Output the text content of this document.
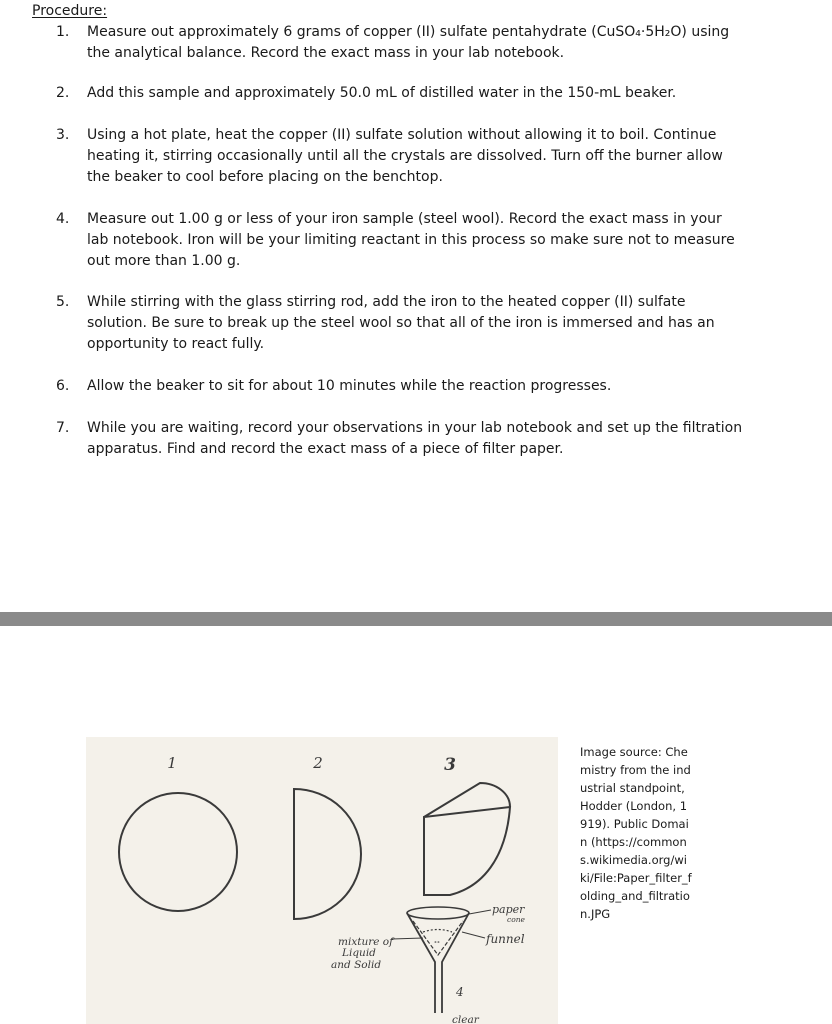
Procedure:
1. Measure out approximately 6 grams of copper (II) sulfate pentahydrate (CuSO₄·5H₂O) using the analytical balance. Record the exact mass in your lab notebook.
2. Add this sample and approximately 50.0 mL of distilled water in the 150-mL beaker.
3. Using a hot plate, heat the copper (II) sulfate solution without allowing it to boil. Continue heating it, stirring occasionally until all the crystals are dissolved. Turn off the burner allow the beaker to cool before placing on the benchtop.
4. Measure out 1.00 g or less of your iron sample (steel wool). Record the exact mass in your lab notebook. Iron will be your limiting reactant in this process so make sure not to measure out more than 1.00 g.
5. While stirring with the glass stirring rod, add the iron to the heated copper (II) sulfate solution. Be sure to break up the steel wool so that all of the iron is immersed and has an opportunity to react fully.
6. Allow the beaker to sit for about 10 minutes while the reaction progresses.
7. While you are waiting, record your observations in your lab notebook and set up the filtration apparatus. Find and record the exact mass of a piece of filter paper.
1	2	3
∘∘
paper
cone
funnel
mixture of
Liquid
and Solid
4
clear
Image source: Chemistry from the industrial standpoint, Hodder (London, 1919). Public Domain (https://commons.wikimedia.org/wiki/File:Paper_filter_folding_and_filtration.JPG
